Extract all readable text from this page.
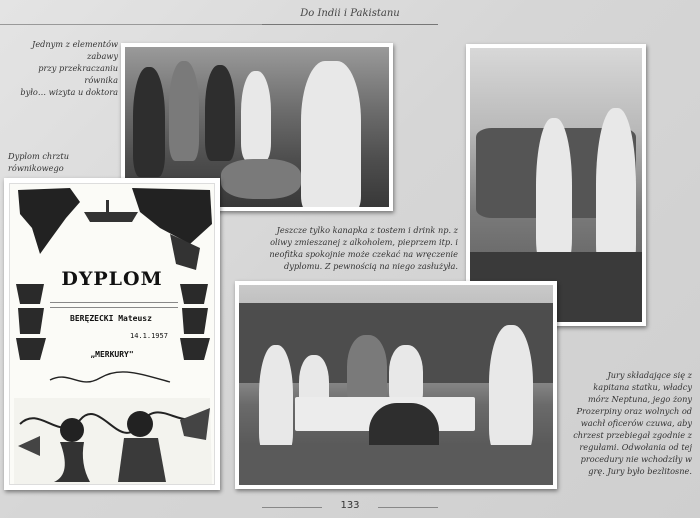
Do Indii i Pakistanu
Jednym z elementów zabawy
przy przekraczaniu równika
było… wizyta u doktora
Dyplom chrztu
równikowego
Jeszcze tylko kanapka z tostem i drink np. z
oliwy zmieszanej z alkoholem, pieprzem itp. i
neofitka spokojnie może czekać na wręczenie
dyplomu. Z pewnością na niego zasłużyła.
DYPLOM
BERĘZECKI Mateusz
14.1.1957
„MERKURY"
Jury składające się z
kapitana statku, władcy
mórz Neptuna, jego żony
Prozerpiny oraz wolnych od
wachł oficerów czuwa, aby
chrzest przebiegał zgodnie z
regułami. Odwołania od tej
procedury nie wchodziły w
grę. Jury było bezlitosne.
133
